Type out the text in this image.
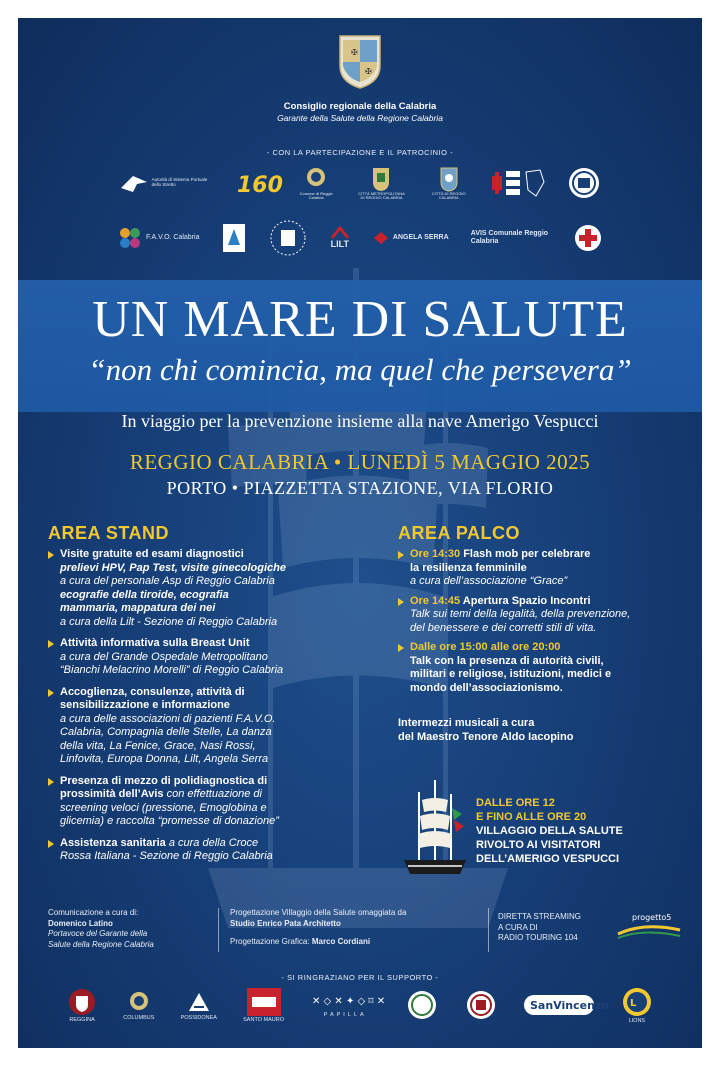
✠
✠
Consiglio regionale della Calabria
Garante della Salute della Regione Calabria
- CON LA PARTECIPAZIONE E IL PATROCINIO -
Autorità di Sistema Portuale dello Stretto	160	Comune di Reggio Calabria
CITTÀ METROPOLITANA DI REGGIO CALABRIA
CITTÀ DI REGGIO CALABRIA
F.A.V.O. Calabria
LILT
ANGELA SERRA
AVIS Comunale Reggio Calabria
UN MARE DI SALUTE
“non chi comincia, ma quel che persevera”
In viaggio per la prevenzione insieme alla nave Amerigo Vespucci
REGGIO CALABRIA • LUNEDÌ 5 MAGGIO 2025
PORTO • PIAZZETTA STAZIONE, VIA FLORIO
AREA STAND
Visite gratuite ed esami diagnostici
prelievi HPV, Pap Test, visite ginecologiche
a cura del personale Asp di Reggio Calabria
ecografie della tiroide, ecografia
mammaria, mappatura dei nei
a cura della Lilt - Sezione di Reggio Calabria
Attività informativa sulla Breast Unit
a cura del Grande Ospedale Metropolitano
“Bianchi Melacrino Morelli” di Reggio Calabria
Accoglienza, consulenze, attività di
sensibilizzazione e informazione
a cura delle associazioni di pazienti F.A.V.O.
Calabria, Compagnia delle Stelle, La danza
della vita, La Fenice, Grace, Nasi Rossi,
Linfovita, Europa Donna, Lilt, Angela Serra
Presenza di mezzo di polidiagnostica di
prossimità dell’Avis con effettuazione di
screening veloci (pressione, Emoglobina e
glicemia) e raccolta “promesse di donazione”
Assistenza sanitaria a cura della Croce
Rossa Italiana - Sezione di Reggio Calabria
AREA PALCO
Ore 14:30 Flash mob per celebrare
la resilienza femminile
a cura dell’associazione “Grace”
Ore 14:45 Apertura Spazio Incontri
Talk sui temi della legalità, della prevenzione,
del benessere e dei corretti stili di vita.
Dalle ore 15:00 alle ore 20:00
Talk con la presenza di autorità civili,
militari e religiose, istituzioni, medici e
mondo dell’associazionismo.
Intermezzi musicali a cura
del Maestro Tenore Aldo Iacopino
DALLE ORE 12
E FINO ALLE ORE 20
VILLAGGIO DELLA SALUTE
RIVOLTO AI VISITATORI
DELL’AMERIGO VESPUCCI
Comunicazione a cura di:
Domenico Latino
Portavoce del Garante della
Salute della Regione Calabria
Progettazione Villaggio della Salute omaggiata da
Studio Enrico Pata Architetto
Progettazione Grafica: Marco Cordiani
DIRETTA STREAMING
A CURA DI
RADIO TOURING 104
progetto5
- SI RINGRAZIANO PER IL SUPPORTO -
REGGINA	COLUMBUS	POSSIDONEA	SANTO MAURO
✕ ◇ ✕ ✦ ◇ ⌑ ✕
PAPILLA
SanVincenzo L
LIONS
